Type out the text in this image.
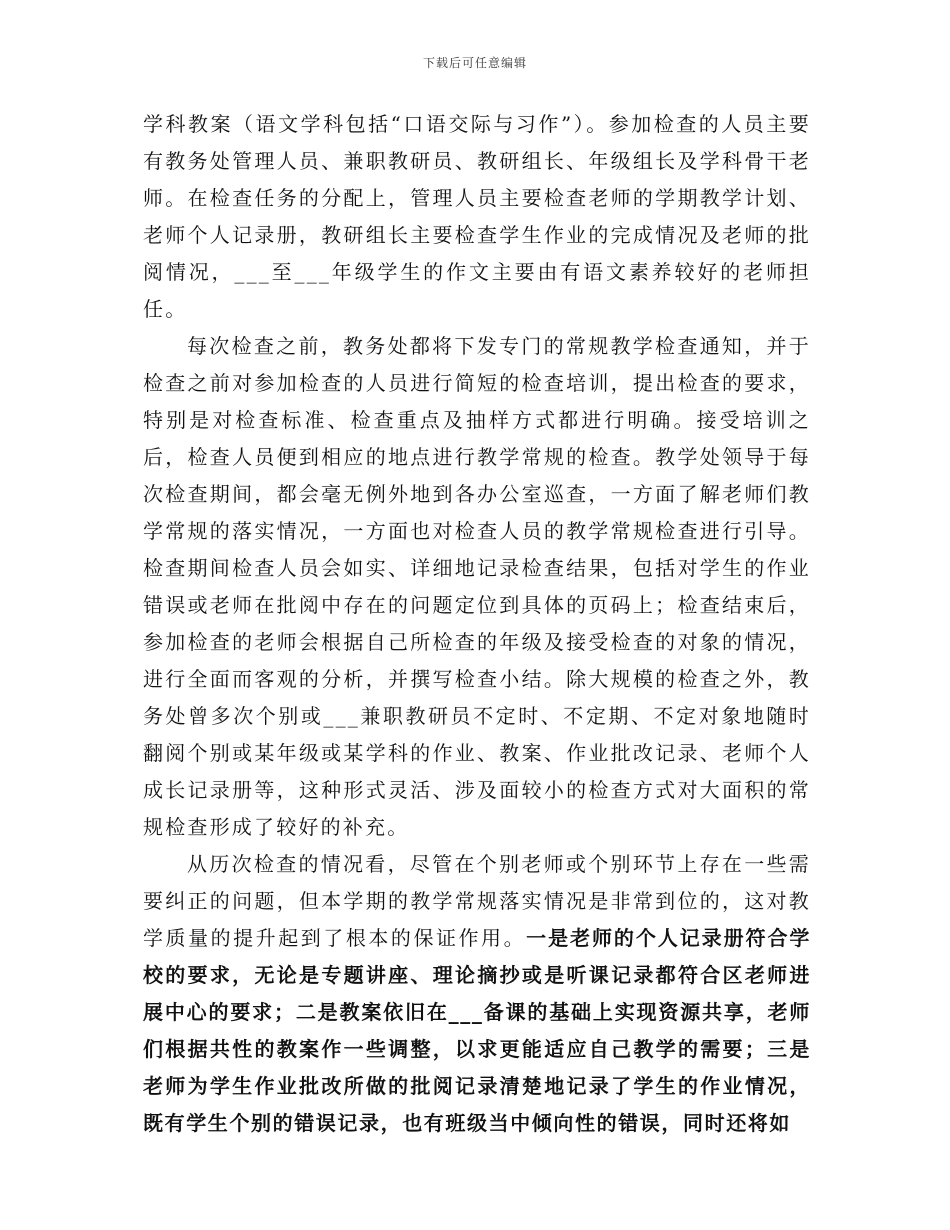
下载后可任意编辑

学科教案（语文学科包括“口语交际与习作”）。参加检查的人员主要有教务处管理人员、兼职教研员、教研组长、年级组长及学科骨干老师。在检查任务的分配上，管理人员主要检查老师的学期教学计划、老师个人记录册，教研组长主要检查学生作业的完成情况及老师的批阅情况，___至___年级学生的作文主要由有语文素养较好的老师担任。

每次检查之前，教务处都将下发专门的常规教学检查通知，并于检查之前对参加检查的人员进行简短的检查培训，提出检查的要求，特别是对检查标准、检查重点及抽样方式都进行明确。接受培训之后，检查人员便到相应的地点进行教学常规的检查。教学处领导于每次检查期间，都会毫无例外地到各办公室巡查，一方面了解老师们教学常规的落实情况，一方面也对检查人员的教学常规检查进行引导。检查期间检查人员会如实、详细地记录检查结果，包括对学生的作业错误或老师在批阅中存在的问题定位到具体的页码上；检查结束后，参加检查的老师会根据自己所检查的年级及接受检查的对象的情况，进行全面而客观的分析，并撰写检查小结。除大规模的检查之外，教务处曾多次个别或___兼职教研员不定时、不定期、不定对象地随时翻阅个别或某年级或某学科的作业、教案、作业批改记录、老师个人成长记录册等，这种形式灵活、涉及面较小的检查方式对大面积的常规检查形成了较好的补充。

从历次检查的情况看，尽管在个别老师或个别环节上存在一些需要纠正的问题，但本学期的教学常规落实情况是非常到位的，这对教学质量的提升起到了根本的保证作用。一是老师的个人记录册符合学校的要求，无论是专题讲座、理论摘抄或是听课记录都符合区老师进展中心的要求；二是教案依旧在___备课的基础上实现资源共享，老师们根据共性的教案作一些调整，以求更能适应自己教学的需要；三是老师为学生作业批改所做的批阅记录清楚地记录了学生的作业情况，既有学生个别的错误记录，也有班级当中倾向性的错误，同时还将如
